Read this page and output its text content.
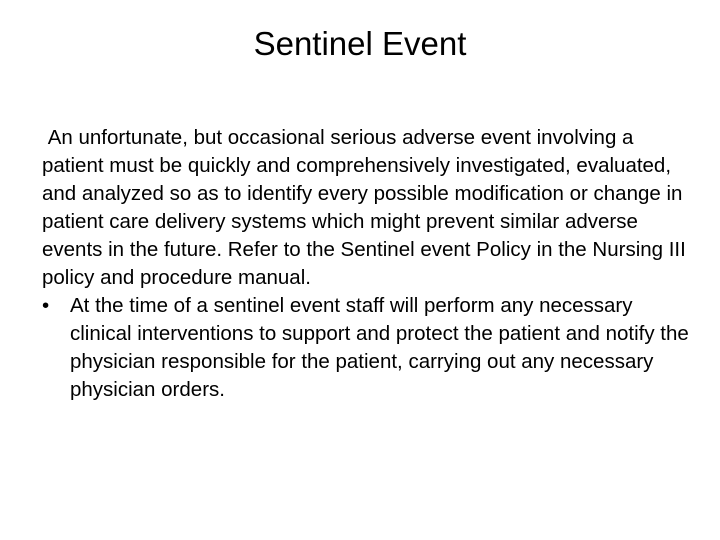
Sentinel Event

An unfortunate, but occasional serious adverse event involving a patient must be quickly and comprehensively investigated, evaluated, and analyzed so as to identify every possible modification or change in patient care delivery systems which might prevent similar adverse events in the future. Refer to the Sentinel event Policy in the Nursing III policy and procedure manual.

•	At the time of a sentinel event staff will perform any necessary clinical interventions to support and protect the patient and notify the physician responsible for the patient, carrying out any necessary physician orders.
